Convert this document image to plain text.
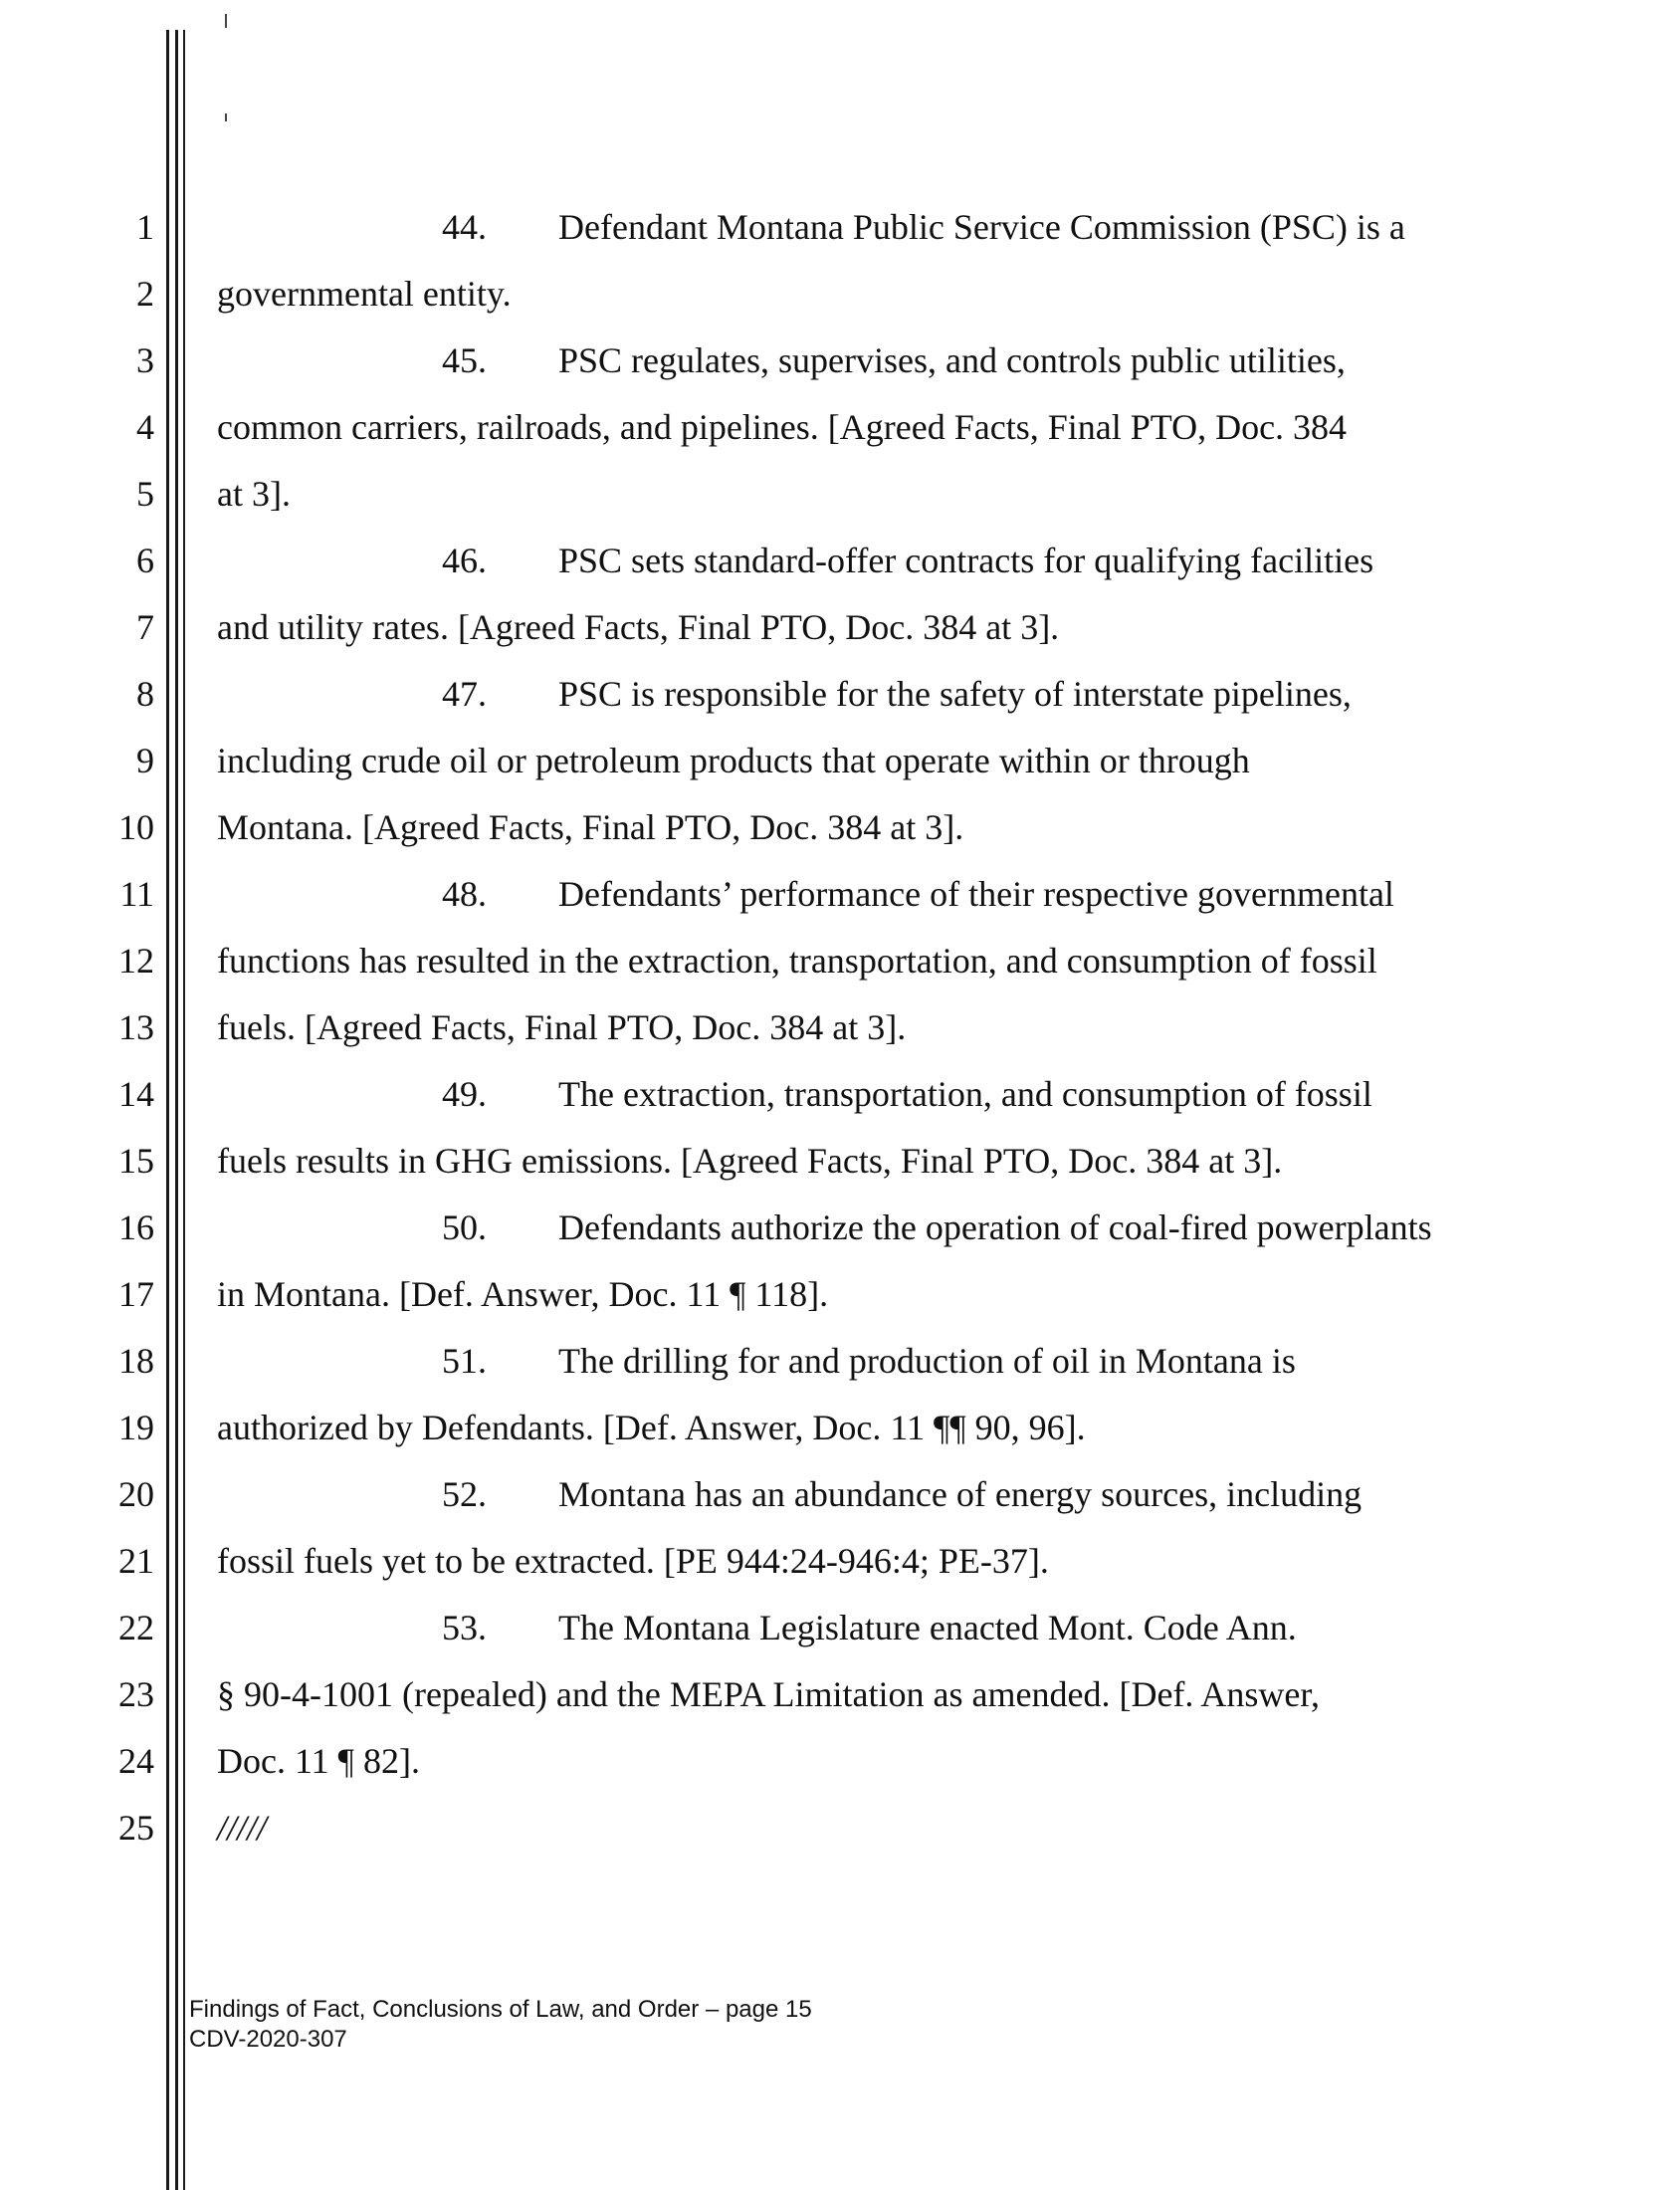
1
2
3
4
5
6
7
8
9
10
11
12
13
14
15
16
17
18
19
20
21
22
23
24
25
44. Defendant Montana Public Service Commission (PSC) is a
governmental entity.
45. PSC regulates, supervises, and controls public utilities,
common carriers, railroads, and pipelines. [Agreed Facts, Final PTO, Doc. 384
at 3].
46. PSC sets standard-offer contracts for qualifying facilities
and utility rates. [Agreed Facts, Final PTO, Doc. 384 at 3].
47. PSC is responsible for the safety of interstate pipelines,
including crude oil or petroleum products that operate within or through
Montana. [Agreed Facts, Final PTO, Doc. 384 at 3].
48. Defendants’ performance of their respective governmental
functions has resulted in the extraction, transportation, and consumption of fossil
fuels. [Agreed Facts, Final PTO, Doc. 384 at 3].
49. The extraction, transportation, and consumption of fossil
fuels results in GHG emissions. [Agreed Facts, Final PTO, Doc. 384 at 3].
50. Defendants authorize the operation of coal-fired powerplants
in Montana. [Def. Answer, Doc. 11 ¶ 118].
51. The drilling for and production of oil in Montana is
authorized by Defendants. [Def. Answer, Doc. 11 ¶¶ 90, 96].
52. Montana has an abundance of energy sources, including
fossil fuels yet to be extracted. [PE 944:24-946:4; PE-37].
53. The Montana Legislature enacted Mont. Code Ann.
§ 90-4-1001 (repealed) and the MEPA Limitation as amended. [Def. Answer,
Doc. 11 ¶ 82].
/////
Findings of Fact, Conclusions of Law, and Order – page 15
CDV-2020-307
